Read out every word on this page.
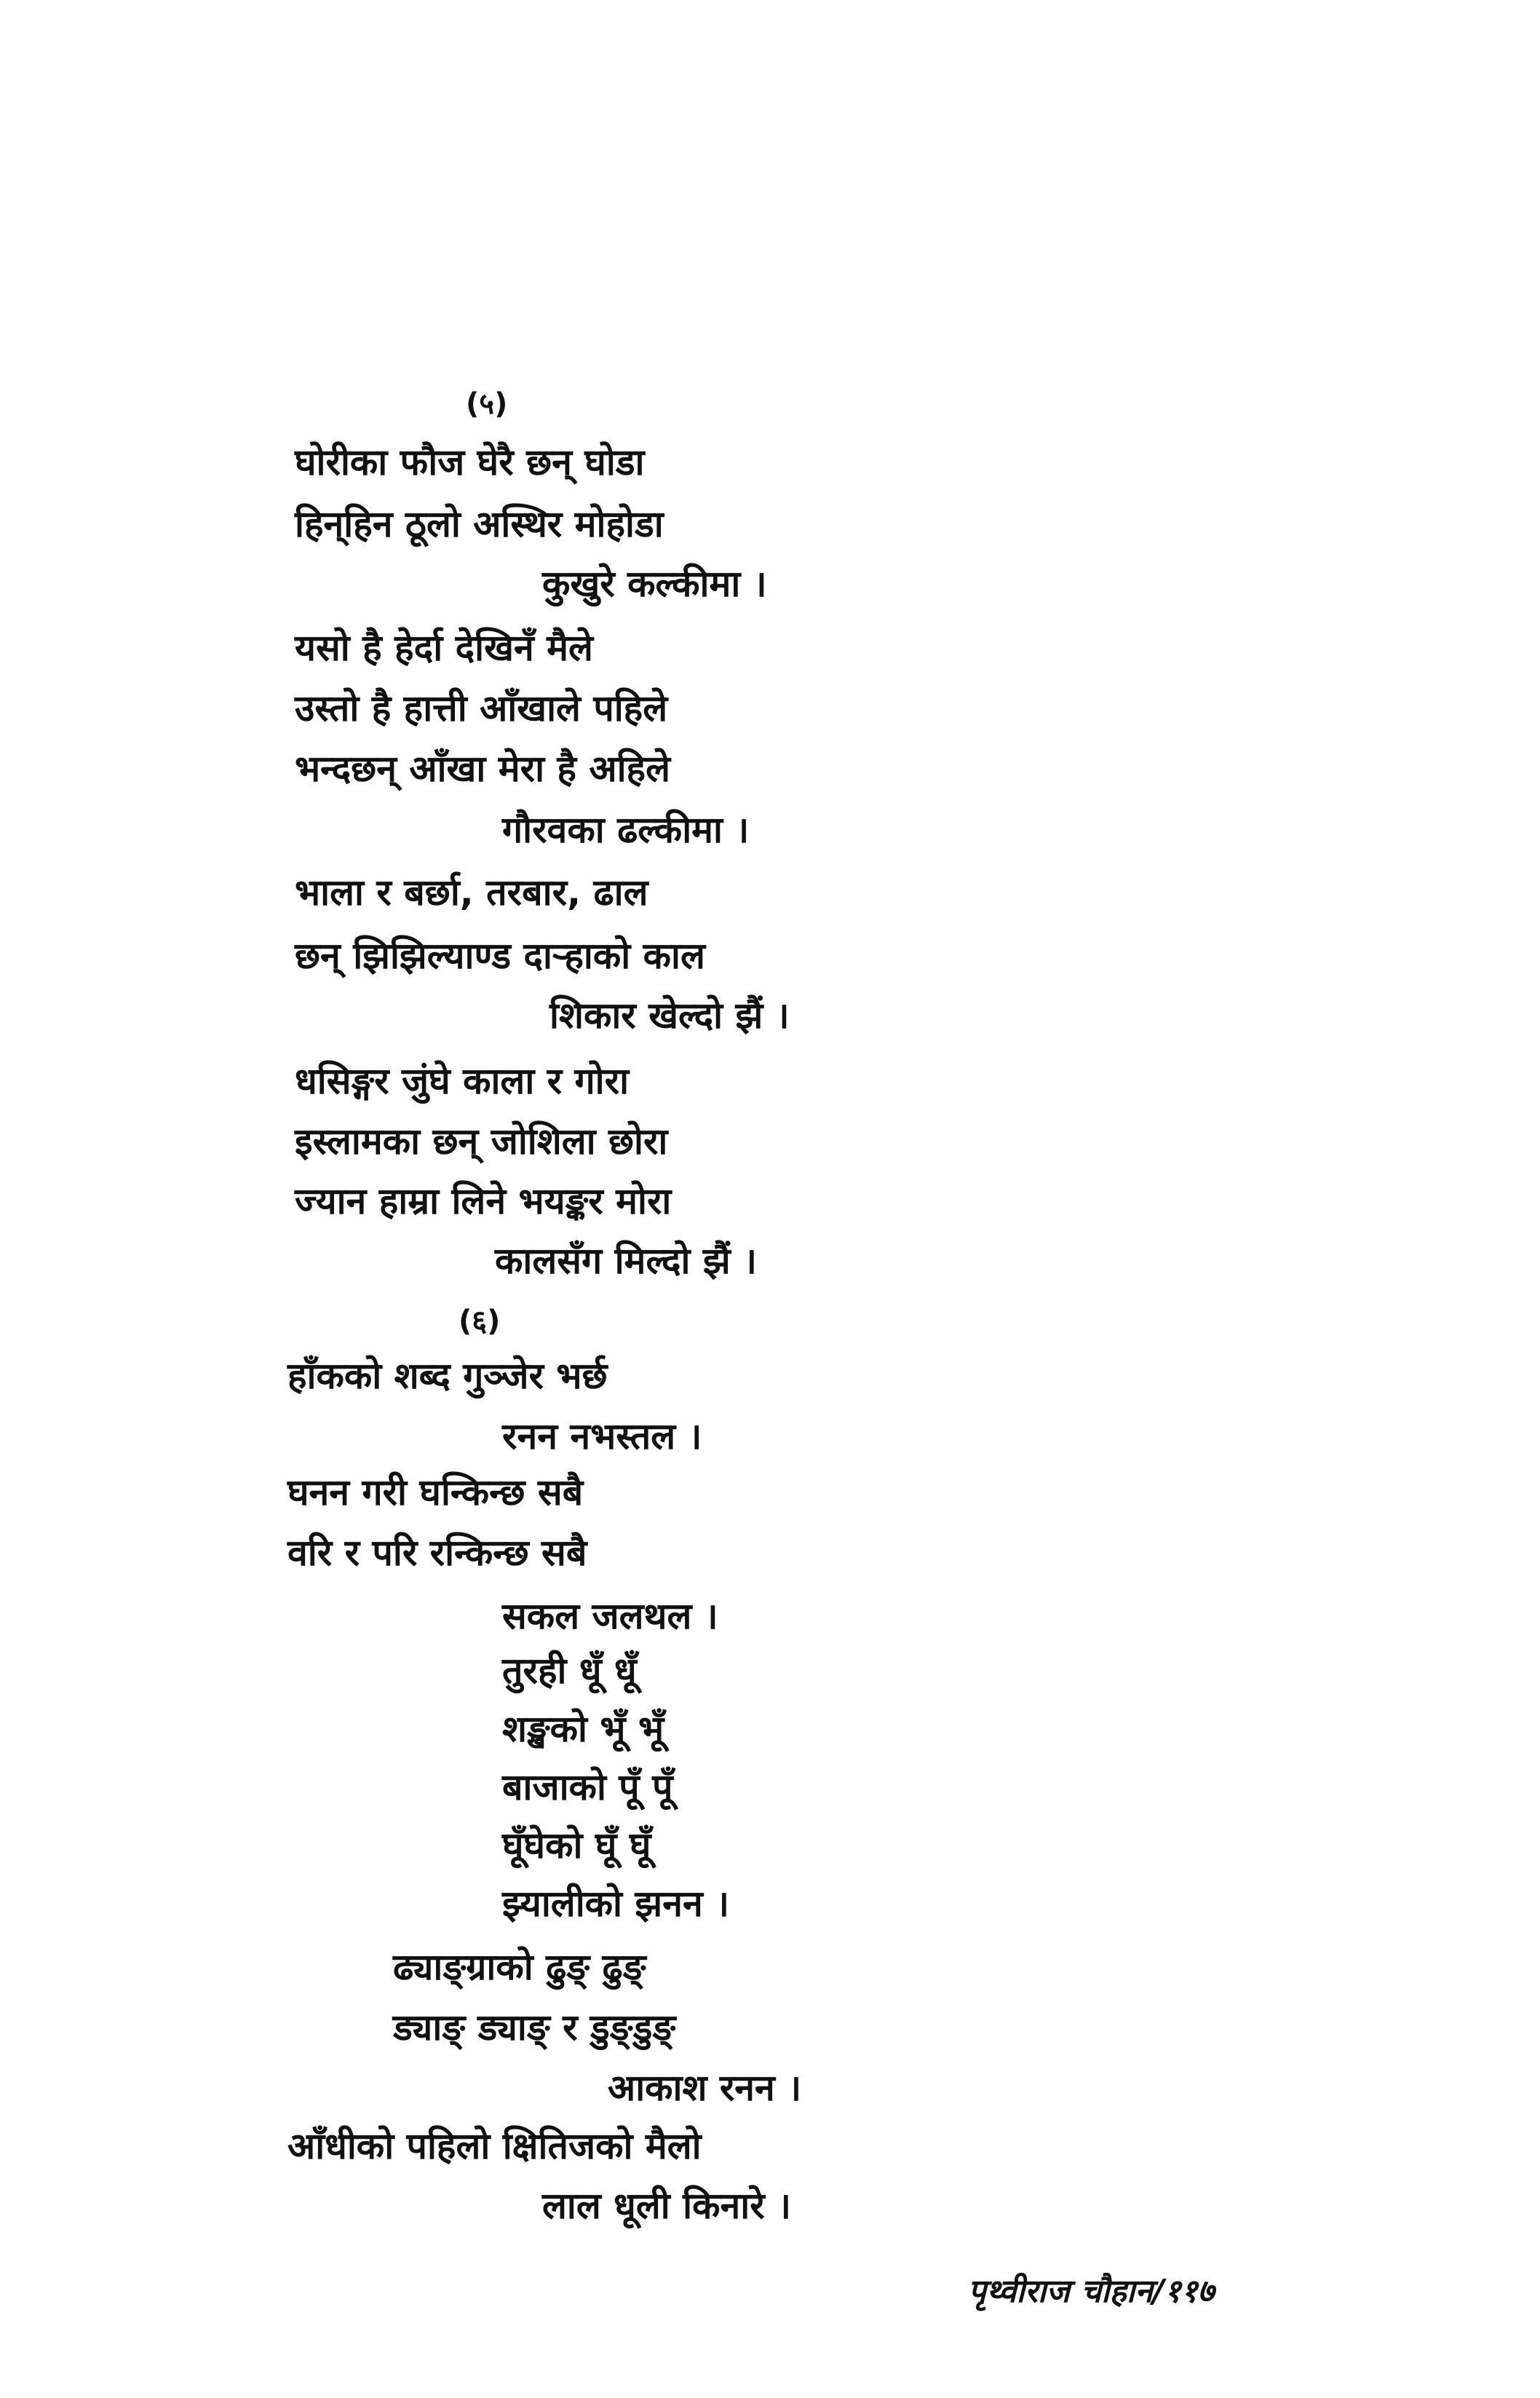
(५)
घोरीका फौज घेरै छन् घोडा
हिन्‌हिन ठूलो अस्थिर मोहोडा
कुखुरे कल्कीमा ।
यसो है हेर्दा देखिनँ मैले
उस्तो है हात्ती आँखाले पहिले
भन्दछन् आँखा मेरा है अहिले
गौरवका ढल्कीमा ।
भाला र बर्छा, तरबार, ढाल
छन् झिझिल्याण्ड दाऱ्हाको काल
शिकार खेल्दो झैं ।
धसिङ्गर जुंघे काला र गोरा
इस्लामका छन् जोशिला छोरा
ज्यान हाम्रा लिने भयङ्कर मोरा
कालसँग मिल्दो झैं ।
(६)
हाँकको शब्द गुञ्जेर भर्छ
रनन नभस्तल ।
घनन गरी घन्किन्छ सबै
वरि र परि रन्किन्छ सबै
सकल जलथल ।
तुरही धूँ धूँ
शङ्खको भूँ भूँ
बाजाको पूँ पूँ
घूँघेको घूँ घूँ
झ्यालीको झनन ।
ढ्याङ्ग्राको ढुङ् ढुङ्
ड्याङ् ड्याङ् र डुङ्डुङ्
आकाश रनन ।
आँधीको पहिलो क्षितिजको मैलो
लाल धूली किनारे ।
पृथ्वीराज चौहान/११७
